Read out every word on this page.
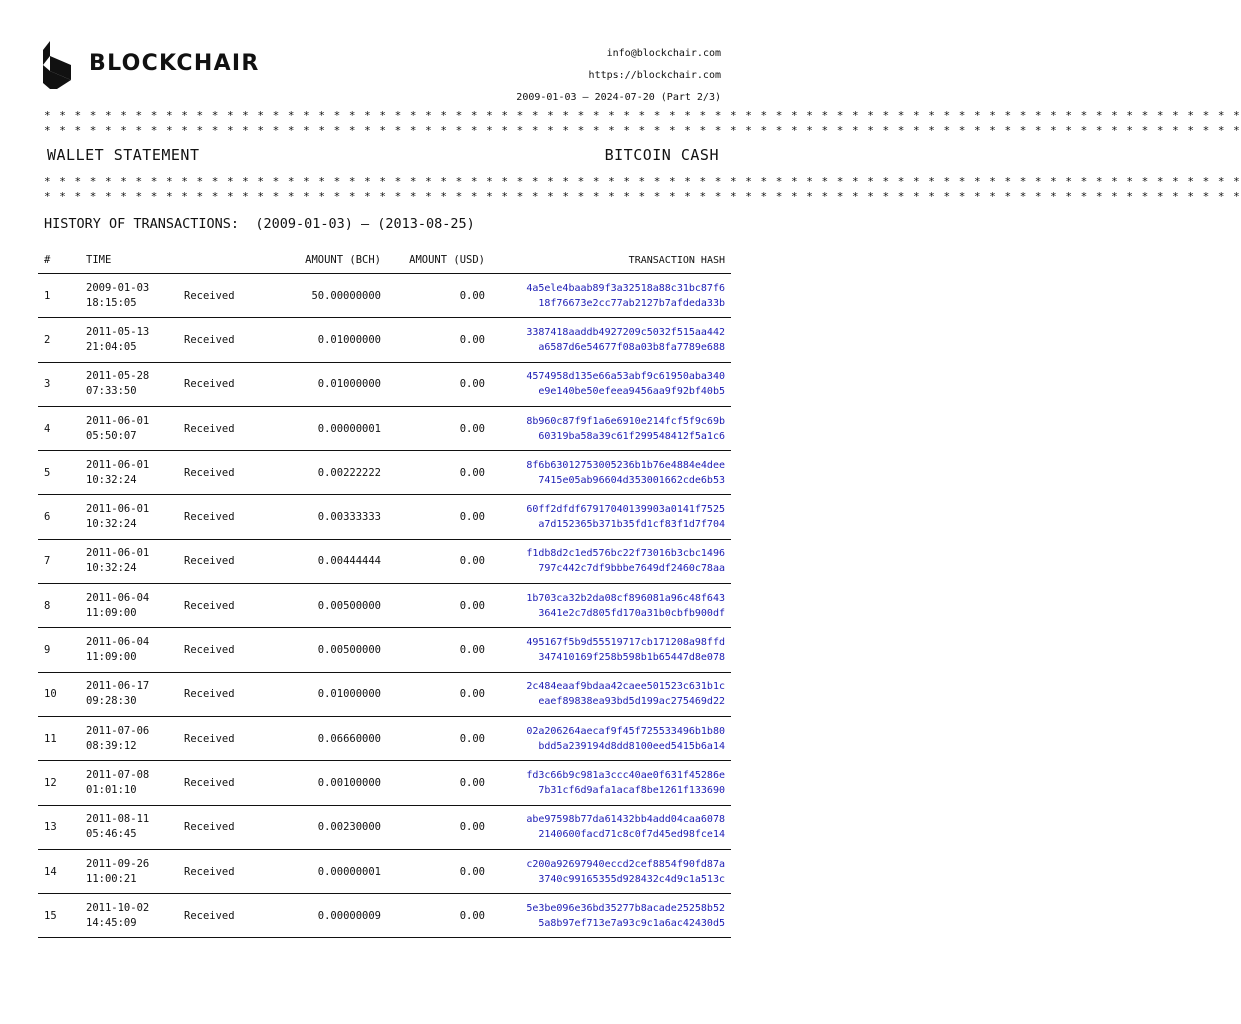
BLOCKCHAIR	info@blockchair.com
https://blockchair.com
2009-01-03 — 2024-07-20 (Part 2/3)
* * * * * * * * * * * * * * * * * * * * * * * * * * * * * * * * * * * * * * * * * * * * * * * * * * * * * * * * * * * * * * * * * * * * * * * * * * * * * * *
* * * * * * * * * * * * * * * * * * * * * * * * * * * * * * * * * * * * * * * * * * * * * * * * * * * * * * * * * * * * * * * * * * * * * * * * * * * * * * *
WALLET STATEMENT	BITCOIN CASH
* * * * * * * * * * * * * * * * * * * * * * * * * * * * * * * * * * * * * * * * * * * * * * * * * * * * * * * * * * * * * * * * * * * * * * * * * * * * * * *
* * * * * * * * * * * * * * * * * * * * * * * * * * * * * * * * * * * * * * * * * * * * * * * * * * * * * * * * * * * * * * * * * * * * * * * * * * * * * * *
HISTORY OF TRANSACTIONS: (2009-01-03) — (2013-08-25)
#	TIME		AMOUNT (BCH)	AMOUNT (USD)	TRANSACTION HASH
1	2009-01-03
18:15:05	Received	50.00000000	0.00	4a5ele4baab89f3a32518a88c31bc87f6
18f76673e2cc77ab2127b7afdeda33b

2	2011-05-13
21:04:05	Received	0.01000000	0.00	3387418aaddb4927209c5032f515aa442
a6587d6e54677f08a03b8fa7789e688

3	2011-05-28
07:33:50	Received	0.01000000	0.00	4574958d135e66a53abf9c61950aba340
e9e140be50efeea9456aa9f92bf40b5

4	2011-06-01
05:50:07	Received	0.00000001	0.00	8b960c87f9f1a6e6910e214fcf5f9c69b
60319ba58a39c61f299548412f5a1c6

5	2011-06-01
10:32:24	Received	0.00222222	0.00	8f6b63012753005236b1b76e4884e4dee
7415e05ab96604d353001662cde6b53

6	2011-06-01
10:32:24	Received	0.00333333	0.00	60ff2dfdf67917040139903a0141f7525
a7d152365b371b35fd1cf83f1d7f704

7	2011-06-01
10:32:24	Received	0.00444444	0.00	f1db8d2c1ed576bc22f73016b3cbc1496
797c442c7df9bbbe7649df2460c78aa

8	2011-06-04
11:09:00	Received	0.00500000	0.00	1b703ca32b2da08cf896081a96c48f643
3641e2c7d805fd170a31b0cbfb900df

9	2011-06-04
11:09:00	Received	0.00500000	0.00	495167f5b9d55519717cb171208a98ffd
347410169f258b598b1b65447d8e078

10	2011-06-17
09:28:30	Received	0.01000000	0.00	2c484eaaf9bdaa42caee501523c631b1c
eaef89838ea93bd5d199ac275469d22

11	2011-07-06
08:39:12	Received	0.06660000	0.00	02a206264aecaf9f45f725533496b1b80
bdd5a239194d8dd8100eed5415b6a14

12	2011-07-08
01:01:10	Received	0.00100000	0.00	fd3c66b9c981a3ccc40ae0f631f45286e
7b31cf6d9afa1acaf8be1261f133690

13	2011-08-11
05:46:45	Received	0.00230000	0.00	abe97598b77da61432bb4add04caa6078
2140600facd71c8c0f7d45ed98fce14

14	2011-09-26
11:00:21	Received	0.00000001	0.00	c200a92697940eccd2cef8854f90fd87a
3740c99165355d928432c4d9c1a513c

15	2011-10-02
14:45:09	Received	0.00000009	0.00	5e3be096e36bd35277b8acade25258b52
5a8b97ef713e7a93c9c1a6ac42430d5
